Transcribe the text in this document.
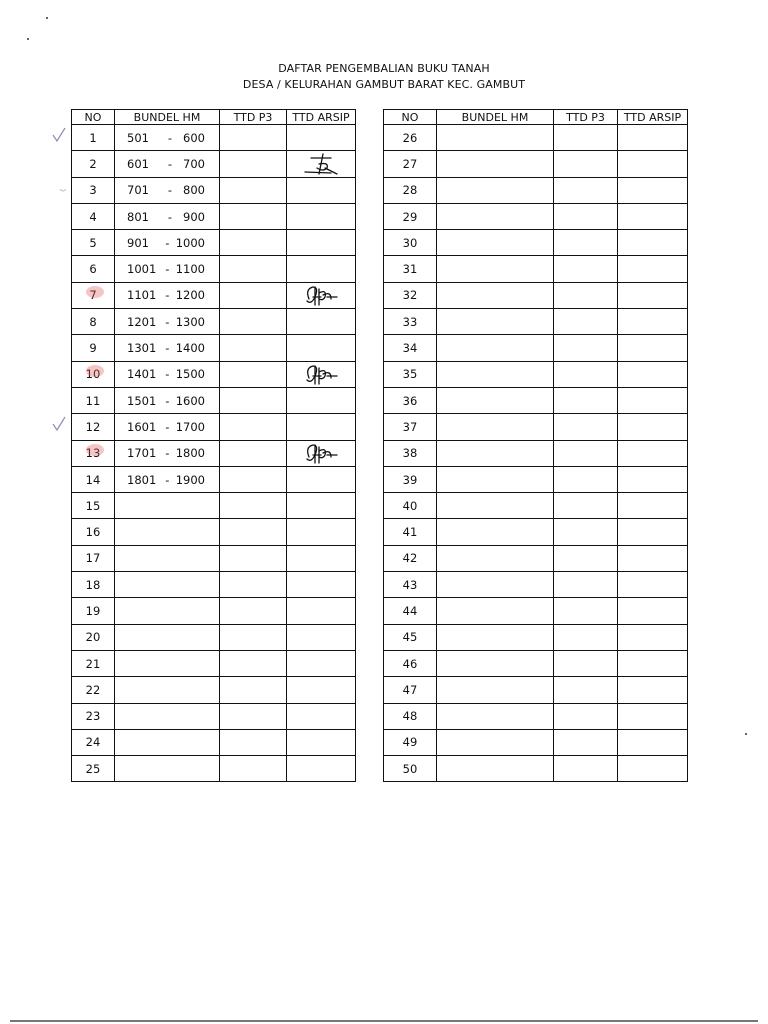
DAFTAR PENGEMBALIAN BUKU TANAH
DESA / KELURAHAN GAMBUT BARAT KEC. GAMBUT
NO	BUNDEL HM	TTD P3	TTD ARSIP
1	501 - 600		

2	601 - 700

3	701 - 800		

4	801 - 900		

5	901 - 1000		

6	1001 - 1100		

7	1101 - 1200

8	1201 - 1300		

9	1301 - 1400		

10	1401 - 1500

11	1501 - 1600		

12	1601 - 1700		

13	1701 - 1800

14	1801 - 1900		

15	

16	

17	

18	

19	

20	

21	

22	

23	

24	

25	

NO	BUNDEL HM	TTD P3	TTD ARSIP
26			
27			
28			
29			
30			
31			
32			
33			
34			
35			
36			
37			
38			
39			
40			
41			
42			
43			
44			
45			
46			
47			
48			
49			
50			
